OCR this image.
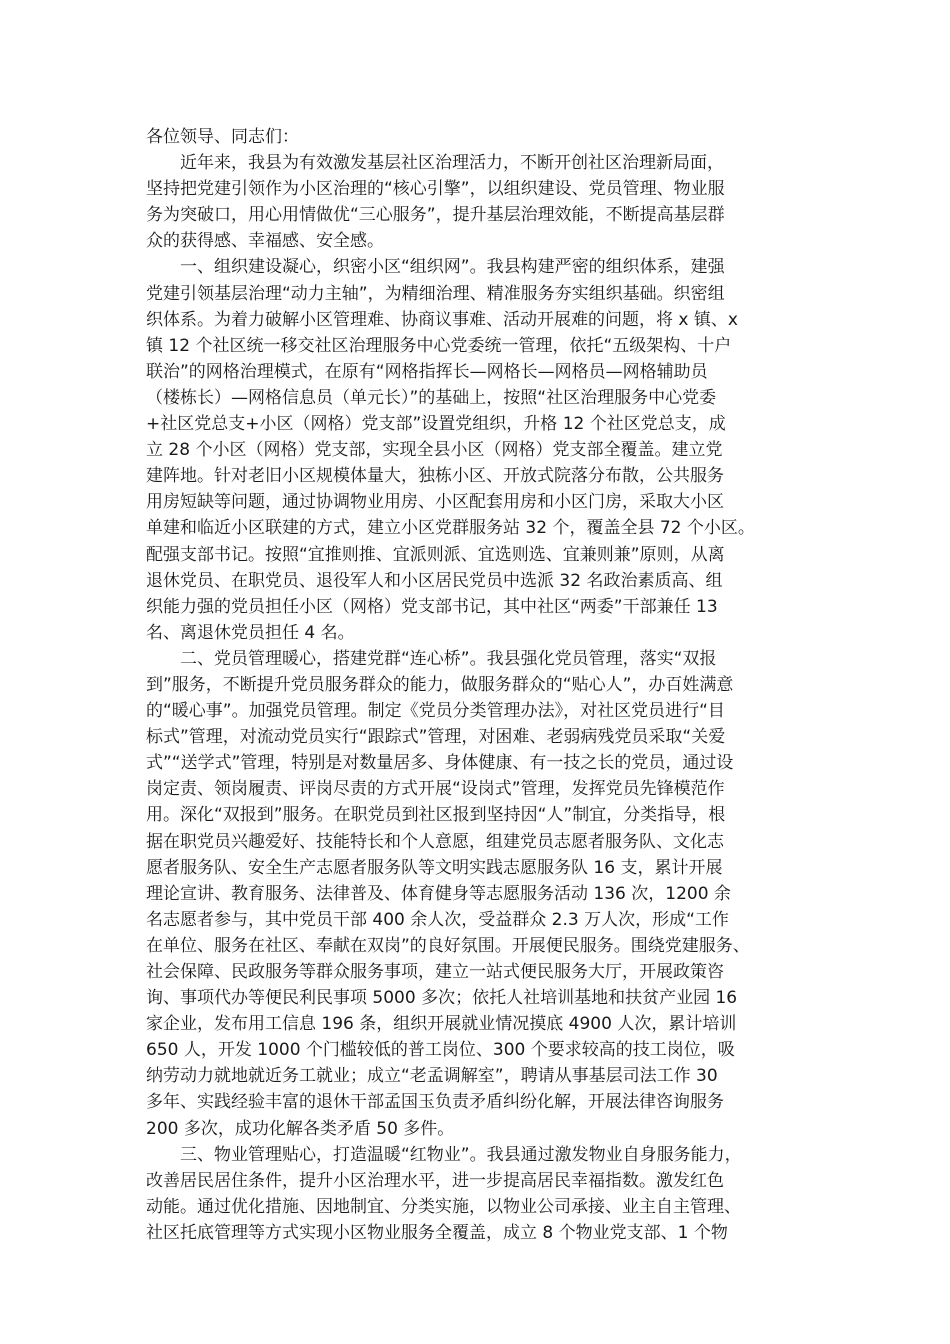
各位领导、同志们：
近年来，我县为有效激发基层社区治理活力，不断开创社区治理新局面，
坚持把党建引领作为小区治理的“核心引擎”，以组织建设、党员管理、物业服
务为突破口，用心用情做优“三心服务”，提升基层治理效能，不断提高基层群
众的获得感、幸福感、安全感。
一、组织建设凝心，织密小区“组织网”。我县构建严密的组织体系，建强
党建引领基层治理“动力主轴”，为精细治理、精准服务夯实组织基础。织密组
织体系。为着力破解小区管理难、协商议事难、活动开展难的问题，将 x 镇、x
镇 12 个社区统一移交社区治理服务中心党委统一管理，依托“五级架构、十户
联治”的网格治理模式，在原有“网格指挥长—网格长—网格员—网格辅助员
（楼栋长）—网格信息员（单元长）”的基础上，按照“社区治理服务中心党委
+社区党总支+小区（网格）党支部”设置党组织，升格 12 个社区党总支，成
立 28 个小区（网格）党支部，实现全县小区（网格）党支部全覆盖。建立党
建阵地。针对老旧小区规模体量大，独栋小区、开放式院落分布散，公共服务
用房短缺等问题，通过协调物业用房、小区配套用房和小区门房，采取大小区
单建和临近小区联建的方式，建立小区党群服务站 32 个，覆盖全县 72 个小区。
配强支部书记。按照“宜推则推、宜派则派、宜选则选、宜兼则兼”原则，从离
退休党员、在职党员、退役军人和小区居民党员中选派 32 名政治素质高、组
织能力强的党员担任小区（网格）党支部书记，其中社区“两委”干部兼任 13
名、离退休党员担任 4 名。
二、党员管理暖心，搭建党群“连心桥”。我县强化党员管理，落实“双报
到”服务，不断提升党员服务群众的能力，做服务群众的“贴心人”，办百姓满意
的“暖心事”。加强党员管理。制定《党员分类管理办法》，对社区党员进行“目
标式”管理，对流动党员实行“跟踪式”管理，对困难、老弱病残党员采取“关爱
式”“送学式”管理，特别是对数量居多、身体健康、有一技之长的党员，通过设
岗定责、领岗履责、评岗尽责的方式开展“设岗式”管理，发挥党员先锋模范作
用。深化“双报到”服务。在职党员到社区报到坚持因“人”制宜，分类指导，根
据在职党员兴趣爱好、技能特长和个人意愿，组建党员志愿者服务队、文化志
愿者服务队、安全生产志愿者服务队等文明实践志愿服务队 16 支，累计开展
理论宣讲、教育服务、法律普及、体育健身等志愿服务活动 136 次，1200 余
名志愿者参与，其中党员干部 400 余人次，受益群众 2.3 万人次，形成“工作
在单位、服务在社区、奉献在双岗”的良好氛围。开展便民服务。围绕党建服务、
社会保障、民政服务等群众服务事项，建立一站式便民服务大厅，开展政策咨
询、事项代办等便民利民事项 5000 多次；依托人社培训基地和扶贫产业园 16
家企业，发布用工信息 196 条，组织开展就业情况摸底 4900 人次，累计培训
650 人，开发 1000 个门槛较低的普工岗位、300 个要求较高的技工岗位，吸
纳劳动力就地就近务工就业；成立“老孟调解室”，聘请从事基层司法工作 30
多年、实践经验丰富的退休干部孟国玉负责矛盾纠纷化解，开展法律咨询服务
200 多次，成功化解各类矛盾 50 多件。
三、物业管理贴心，打造温暖“红物业”。我县通过激发物业自身服务能力，
改善居民居住条件，提升小区治理水平，进一步提高居民幸福指数。激发红色
动能。通过优化措施、因地制宜、分类实施，以物业公司承接、业主自主管理、
社区托底管理等方式实现小区物业服务全覆盖，成立 8 个物业党支部、1 个物
